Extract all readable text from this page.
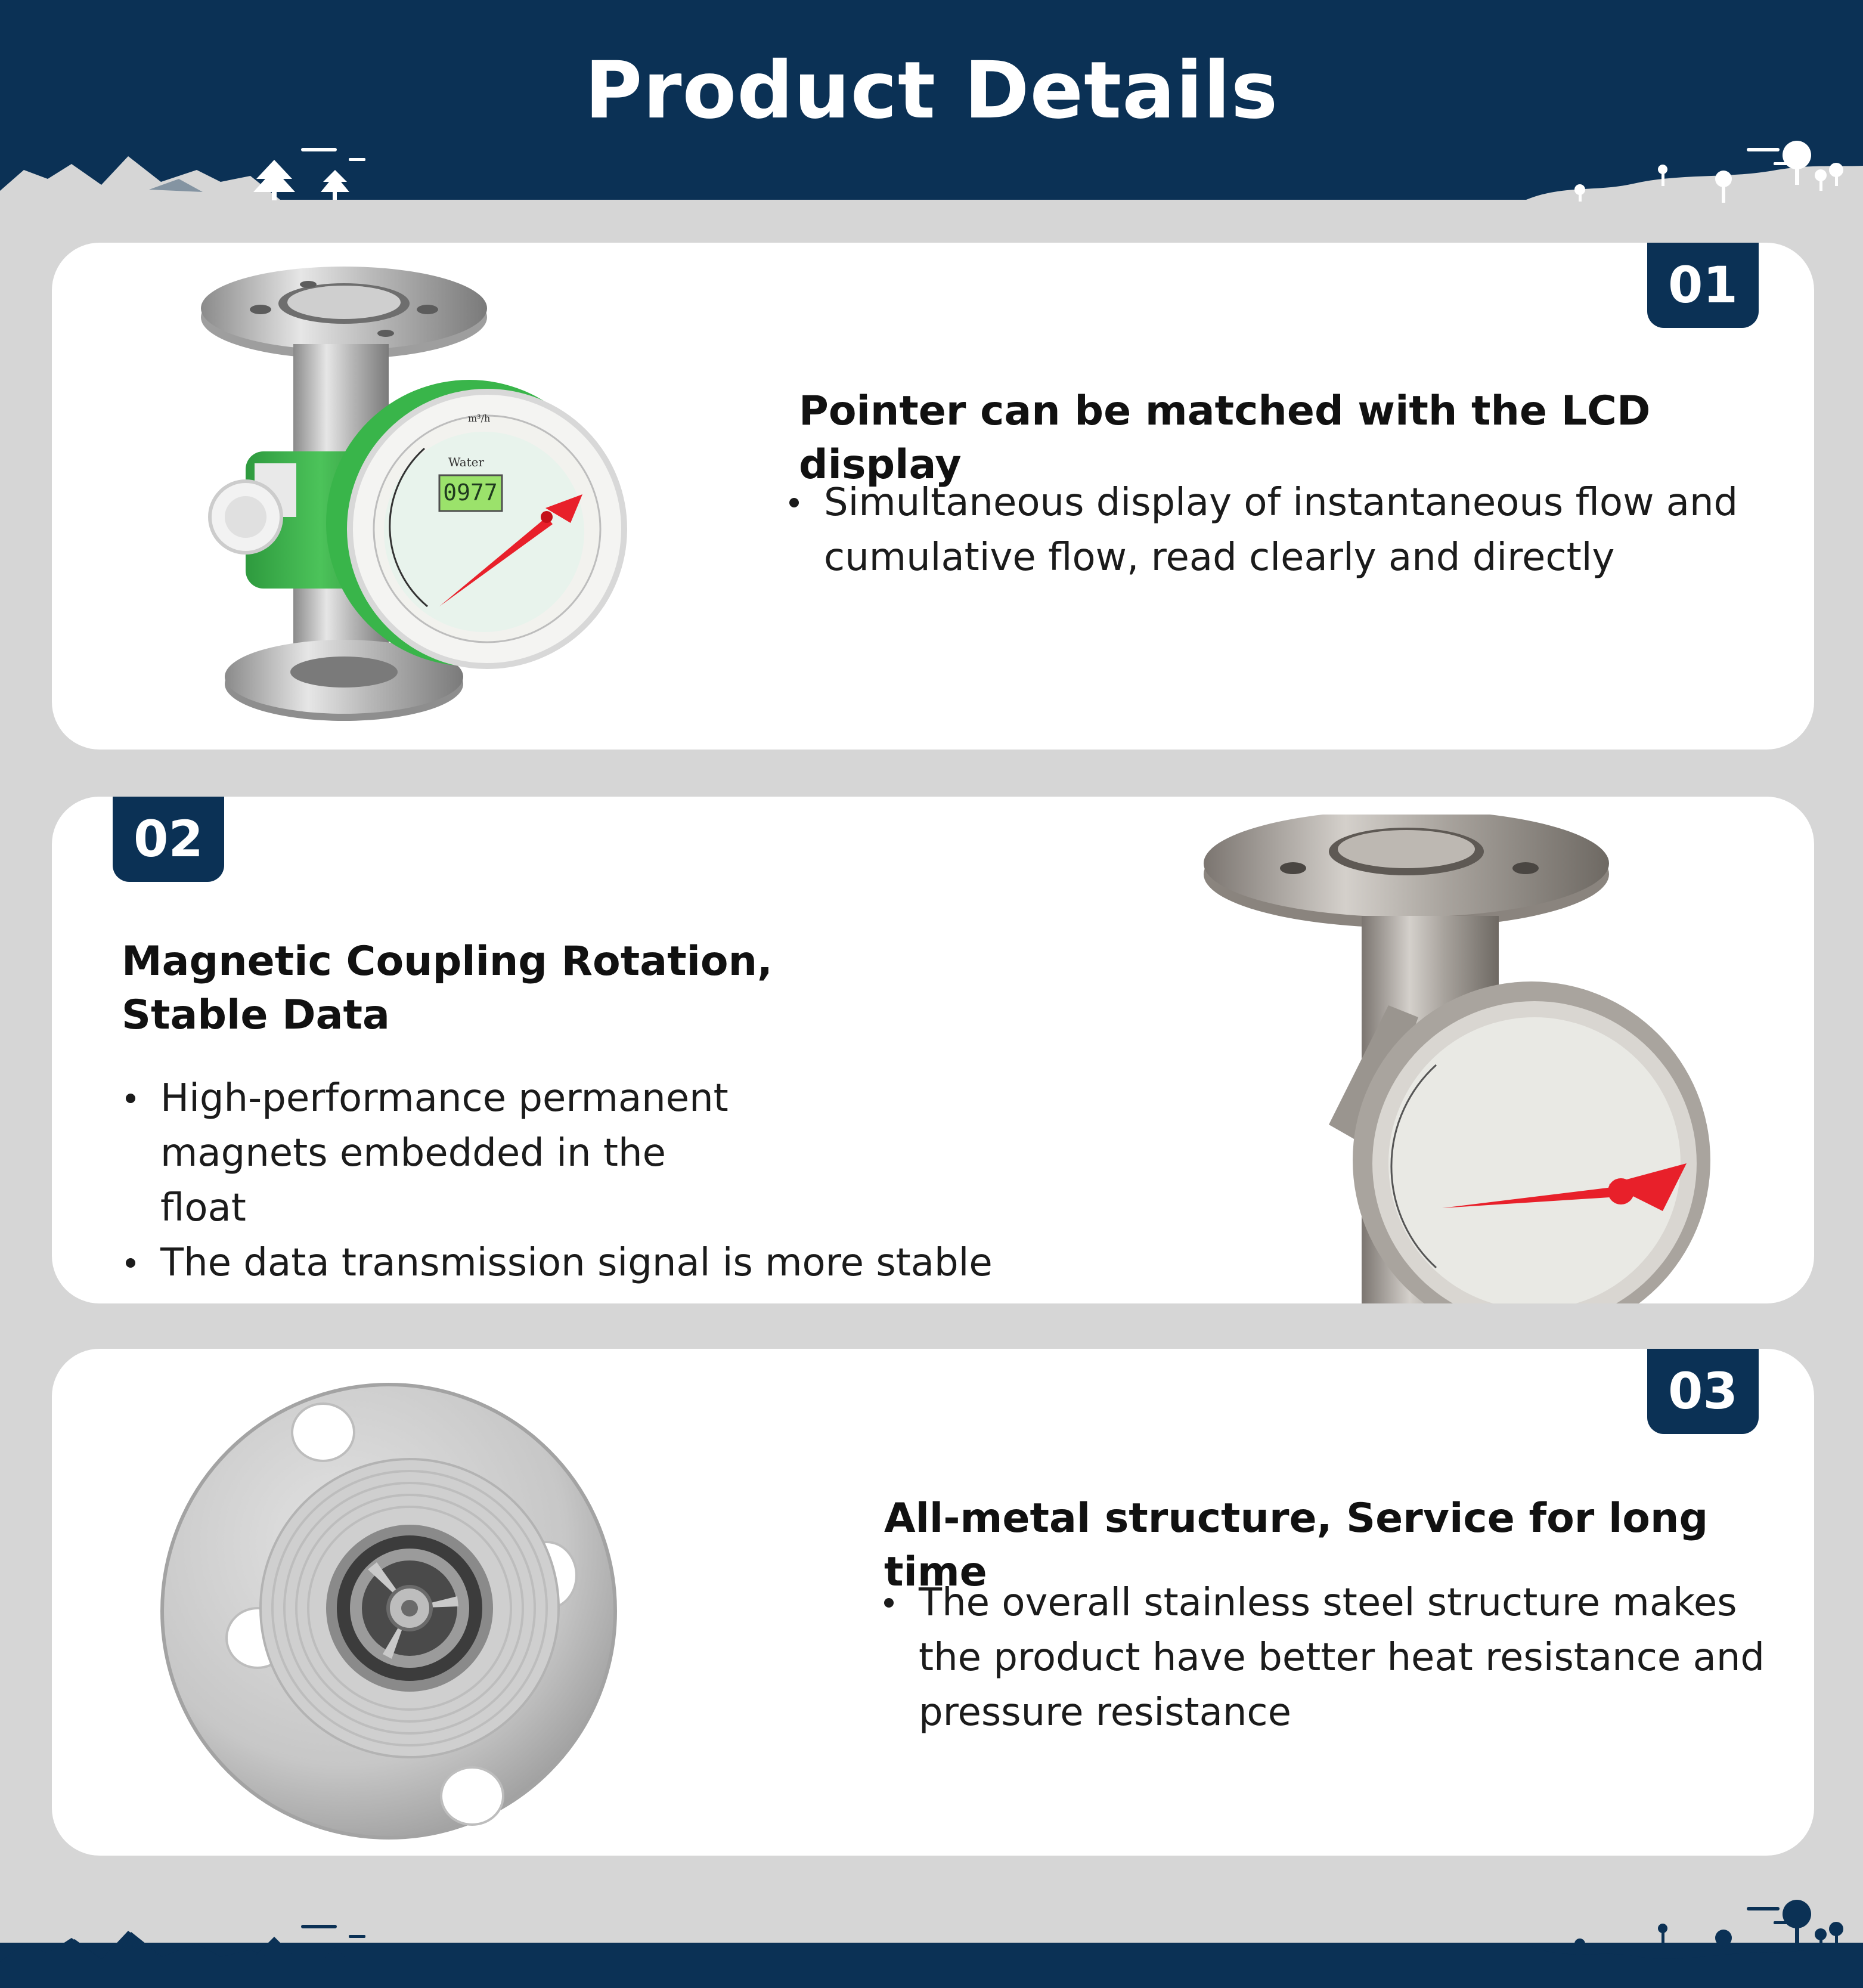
Product Details
01
Pointer can be matched with the LCD display
Simultaneous display of instantaneous flow and cumulative flow, read clearly and directly
0977
Water
m³/h
02
Magnetic Coupling Rotation,
Stable Data
High-performance permanent magnets embedded in the float
The data transmission signal is more stable
03
All-metal structure, Service for long time
The overall stainless steel structure makes the product have better heat resistance and pressure resistance
